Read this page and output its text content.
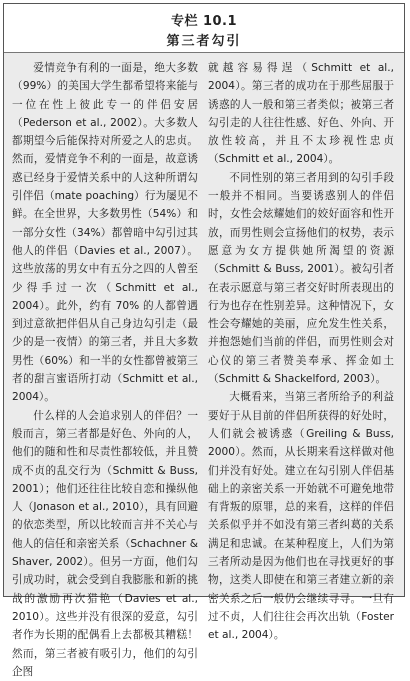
专栏 10.1
第三者勾引

爱情竞争有利的一面是，绝大多数（99%）的美国大学生都希望将来能与一位在性上彼此专一的伴侣安居（Pederson et al., 2002）。大多数人都期望今后能保持对所爱之人的忠贞。然而，爱情竞争不利的一面是，故意诱惑已经身于爱情关系中的人这种所谓勾引伴侣（mate poaching）行为屡见不鲜。在全世界，大多数男性（54%）和一部分女性（34%）都曾暗中勾引过其他人的伴侣（Davies et al., 2007）。这些放荡的男女中有五分之四的人曾至少得手过一次（Schmitt et al., 2004）。此外，约有 70% 的人都曾遇到过意欲把伴侣从自己身边勾引走（最少的是一夜情）的第三者，并且大多数男性（60%）和一半的女性都曾被第三者的甜言蜜语所打动（Schmitt et al., 2004）。

什么样的人会追求别人的伴侣？一般而言，第三者都是好色、外向的人，他们的随和性和尽责性都较低，并且赞成不贞的乱交行为（Schmitt & Buss, 2001）；他们还往往比较自恋和操纵他人（Jonason et al., 2010），具有回避的依恋类型，所以比较而言并不关心与他人的信任和亲密关系（Schachner & Shaver, 2002）。但另一方面，他们勾引成功时，就会受到自我膨胀和新的挑战的激励再次猎艳（Davies et al., 2010）。这些并没有很深的爱意，勾引者作为长期的配偶看上去都极其糟糕！然而，第三者被有吸引力，他们的勾引企图

就越容易得逞（Schmitt et al., 2004）。第三者的成功在于那些屈服于诱惑的人一般和第三者类似；被第三者勾引走的人往往性感、好色、外向、开放性较高，并且不太珍视性忠贞（Schmitt et al., 2004）。

不同性别的第三者用到的勾引手段一般并不相同。当要诱惑别人的伴侣时，女性会炫耀她们的姣好面容和性开放，而男性则会宣扬他们的权势，表示愿意为女方提供她所渴望的资源（Schmitt & Buss, 2001）。被勾引者在表示愿意与第三者交好时所表现出的行为也存在性别差异。这种情况下，女性会夸耀她的美丽，应允发生性关系，并抱怨她们当前的伴侣，而男性则会对心仪的第三者赞美奉承、挥金如土（Schmitt & Shackelford, 2003）。

大概看来，当第三者所给予的利益要好于从目前的伴侣所获得的好处时，人们就会被诱惑（Greiling & Buss, 2000）。然而，从长期来看这样做对他们并没有好处。建立在勾引别人伴侣基础上的亲密关系一开始就不可避免地带有背叛的原罪，总的来看，这样的伴侣关系似乎并不如没有第三者纠葛的关系满足和忠诚。在某种程度上，人们为第三者所动是因为他们也在寻找更好的事物，这类人即使在和第三者建立新的亲密关系之后一般仍会继续寻寻。一旦有过不贞，人们往往会再次出轨（Foster et al., 2004）。
